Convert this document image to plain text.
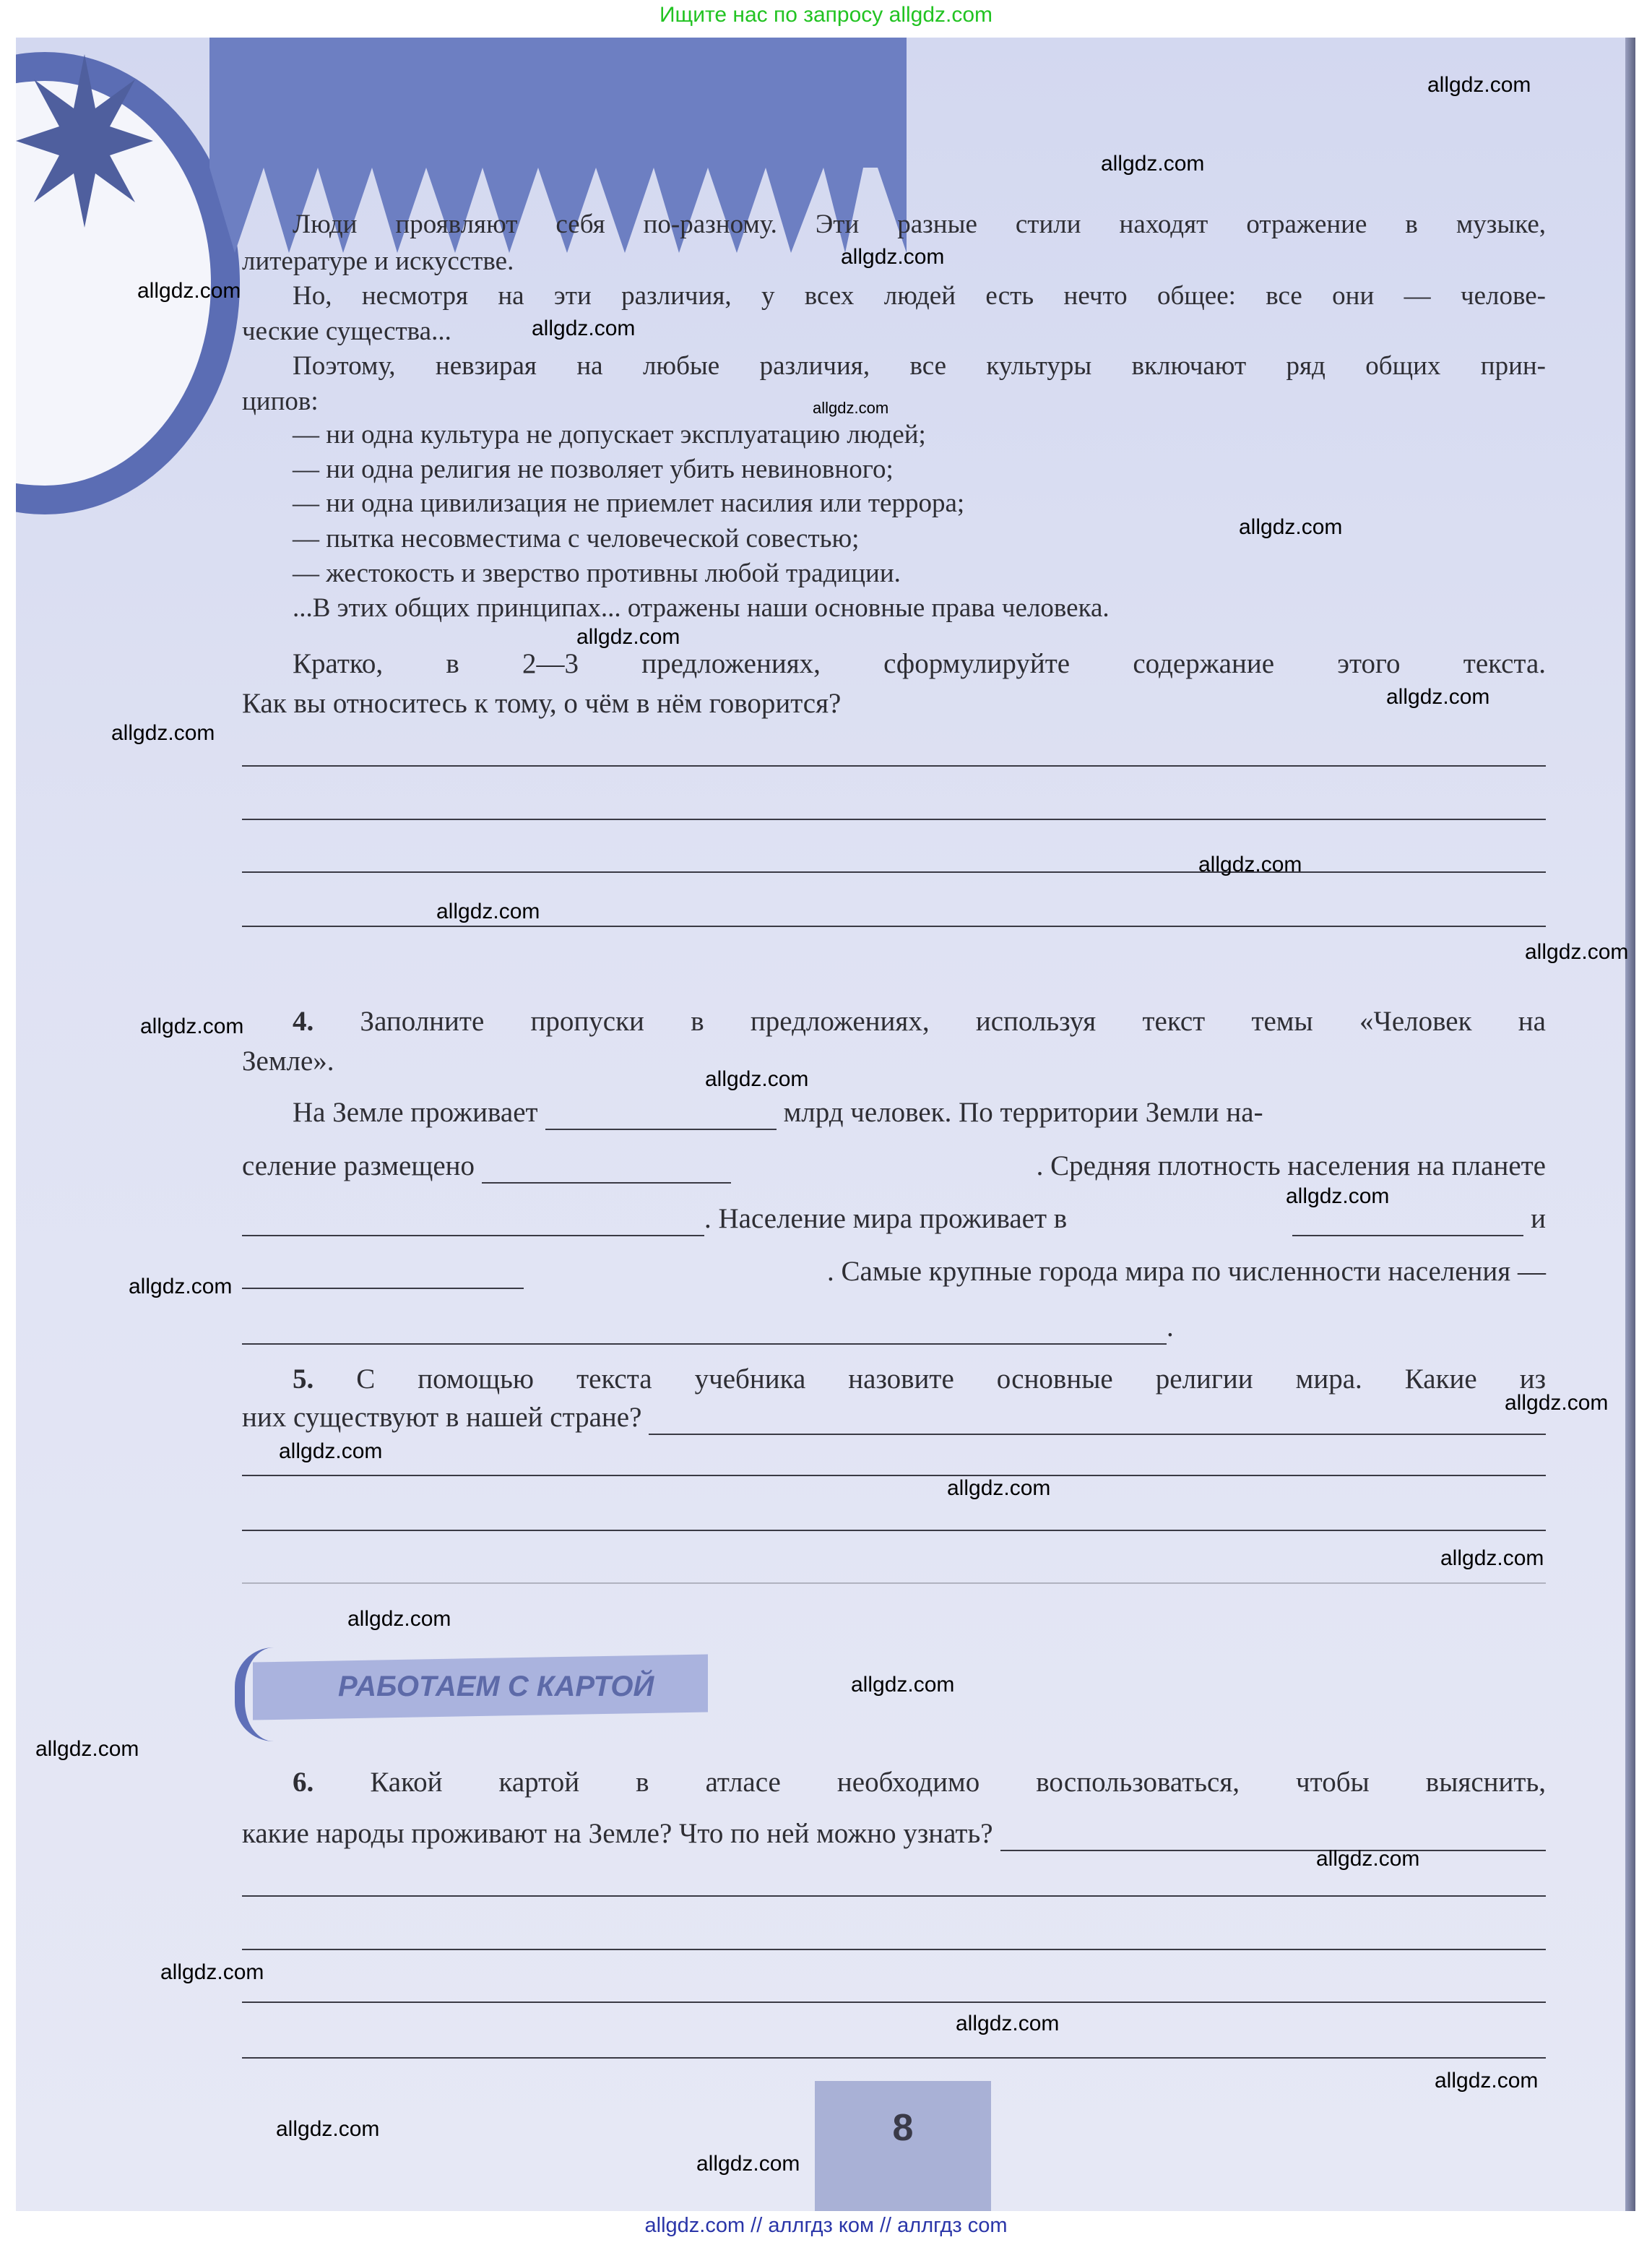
Ищите нас по запросу allgdz.com
Люди проявляют себя по-разному. Эти разные стили находят отражение в музыке,
литературе и искусстве.
Но, несмотря на эти различия, у всех людей есть нечто общее: все они — челове-
ческие существа...
Поэтому, невзирая на любые различия, все культуры включают ряд общих прин-
ципов:
— ни одна культура не допускает эксплуатацию людей;
— ни одна религия не позволяет убить невиновного;
— ни одна цивилизация не приемлет насилия или террора;
— пытка несовместима с человеческой совестью;
— жестокость и зверство противны любой традиции.
...В этих общих принципах... отражены наши основные права человека.
Кратко, в 2—3 предложениях, сформулируйте содержание этого текста.
Как вы относитесь к тому, о чём в нём говорится?
4. Заполните пропуски в предложениях, используя текст темы «Человек на
Земле».
На Земле проживает	млрд человек. По территории Земли на-
селение размещено	. Средняя плотность населения на планете
. Население мира проживает в	и
. Самые крупные города мира по численности населения —
.
5. С помощью текста учебника назовите основные религии мира. Какие из
них существуют в нашей стране?
РАБОТАЕМ С КАРТОЙ
6. Какой картой в атласе необходимо воспользоваться, чтобы выяснить,
какие народы проживают на Земле? Что по ней можно узнать?
8
allgdz.com
allgdz.com
allgdz.com
allgdz.com
allgdz.com
allgdz.com
allgdz.com
allgdz.com
allgdz.com
allgdz.com
allgdz.com
allgdz.com
allgdz.com
allgdz.com
allgdz.com
allgdz.com
allgdz.com
allgdz.com
allgdz.com
allgdz.com
allgdz.com
allgdz.com
allgdz.com
allgdz.com
allgdz.com
allgdz.com
allgdz.com
allgdz.com
allgdz.com
allgdz.com
allgdz.com // аллгдз ком // аллгдз com
